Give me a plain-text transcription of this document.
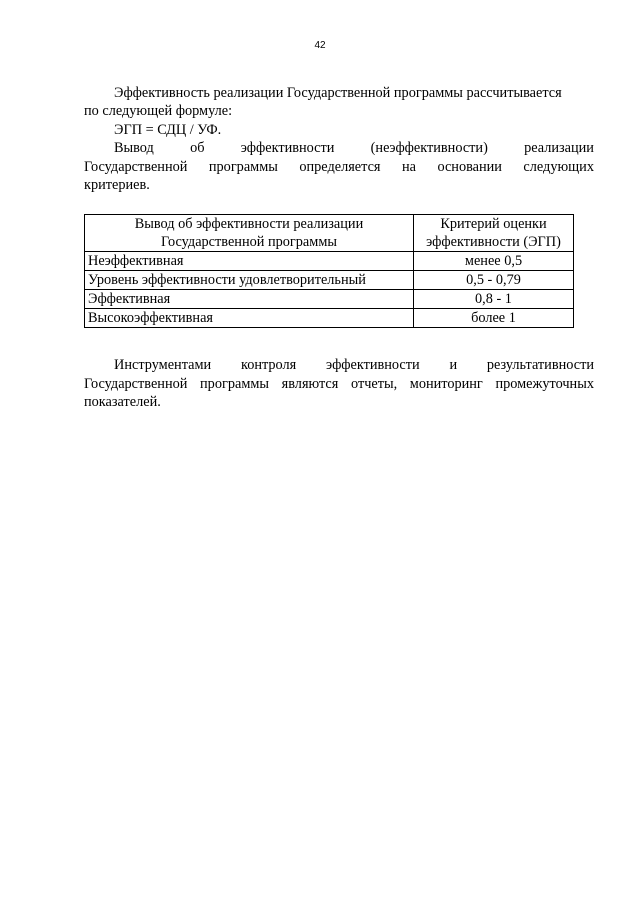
42
Эффективность реализации Государственной программы рассчитывается
по следующей формуле:
ЭГП = СДЦ / УФ.
Вывод	об	эффективности	(неэффективности)	реализации
Государственной программы определяется на основании следующих
критериев.
Вывод об эффективности реализации Государственной программы	Критерий оценки эффективности (ЭГП)
Неэффективная	менее 0,5
Уровень эффективности удовлетворительный	0,5 - 0,79
Эффективная	0,8 - 1
Высокоэффективная	более 1
Инструментами контроля эффективности и результативности
Государственной программы являются отчеты, мониторинг промежуточных
показателей.
